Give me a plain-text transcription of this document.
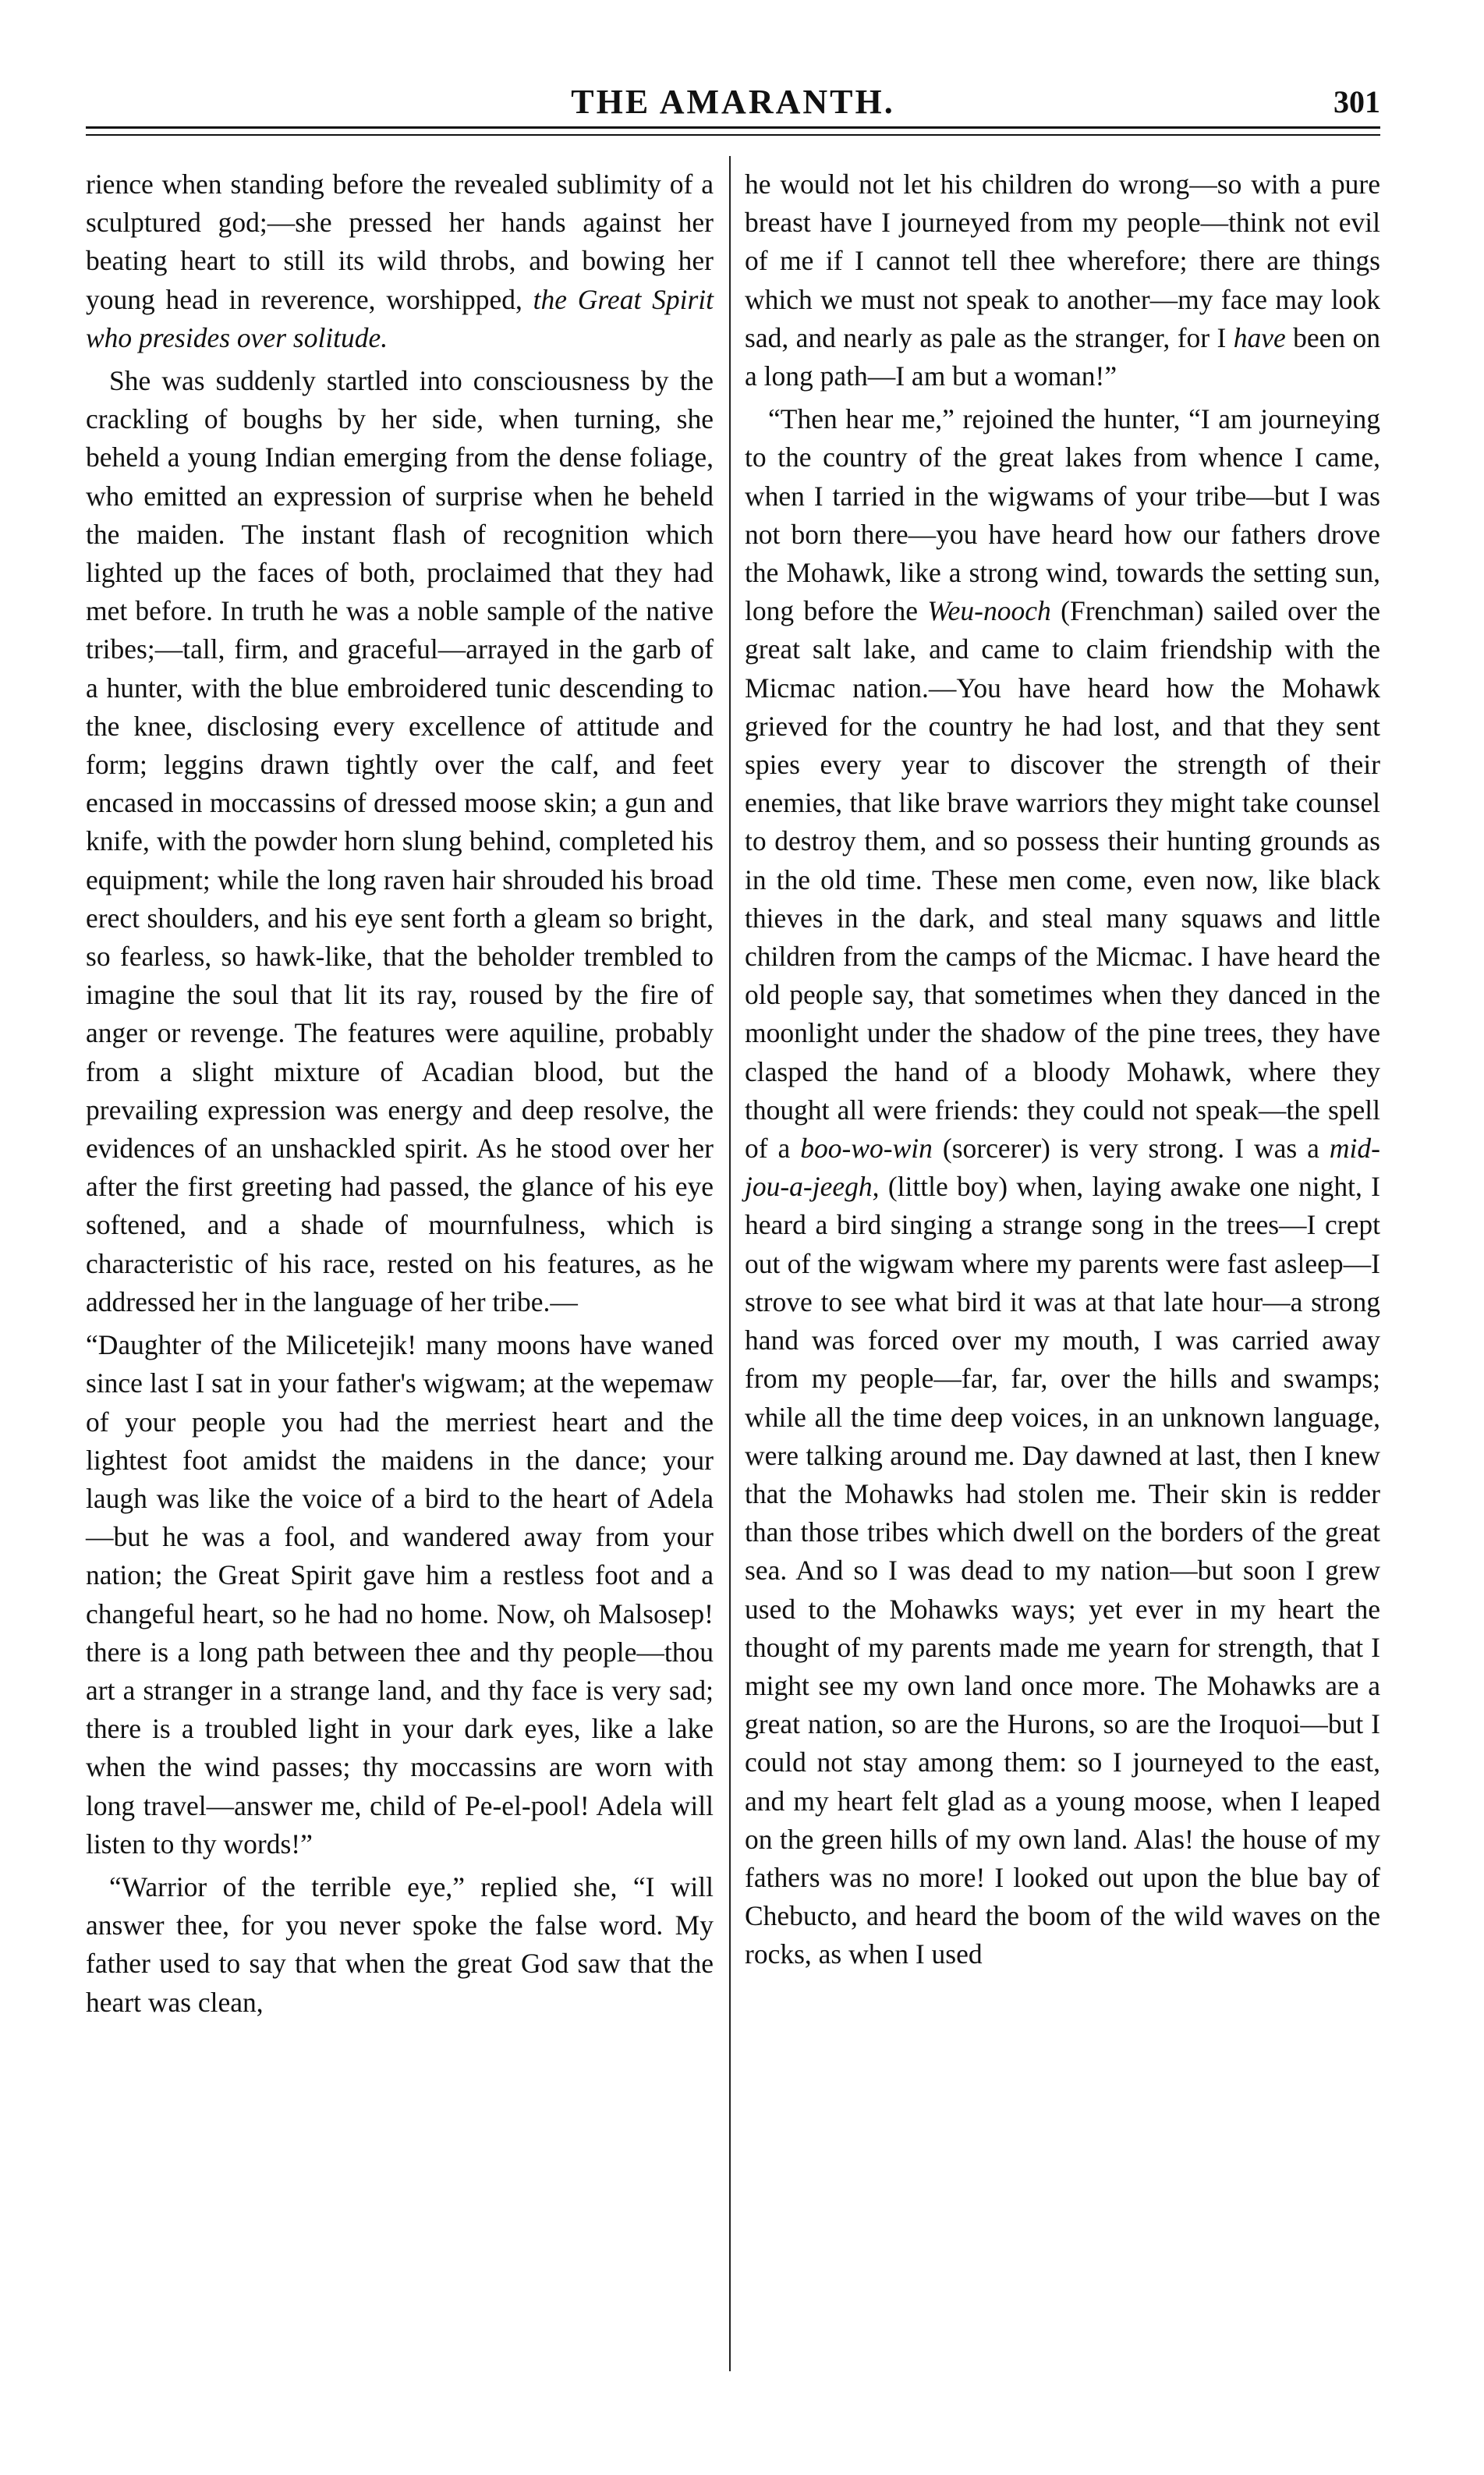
THE AMARANTH.	301

rience when standing before the revealed sublimity of a sculptured god;—she pressed her hands against her beating heart to still its wild throbs, and bowing her young head in reverence, worshipped, the Great Spirit who presides over solitude.

She was suddenly startled into consciousness by the crackling of boughs by her side, when turning, she beheld a young Indian emerging from the dense foliage, who emitted an expression of surprise when he beheld the maiden. The instant flash of recognition which lighted up the faces of both, proclaimed that they had met before. In truth he was a noble sample of the native tribes;—tall, firm, and graceful—arrayed in the garb of a hunter, with the blue embroidered tunic descending to the knee, disclosing every excellence of attitude and form; leggins drawn tightly over the calf, and feet encased in moccassins of dressed moose skin; a gun and knife, with the powder horn slung behind, completed his equipment; while the long raven hair shrouded his broad erect shoulders, and his eye sent forth a gleam so bright, so fearless, so hawk-like, that the beholder trembled to imagine the soul that lit its ray, roused by the fire of anger or revenge. The features were aquiline, probably from a slight mixture of Acadian blood, but the prevailing expression was energy and deep resolve, the evidences of an unshackled spirit. As he stood over her after the first greeting had passed, the glance of his eye softened, and a shade of mournfulness, which is characteristic of his race, rested on his features, as he addressed her in the language of her tribe.—

“Daughter of the Milicetejik! many moons have waned since last I sat in your father's wigwam; at the wepemaw of your people you had the merriest heart and the lightest foot amidst the maidens in the dance; your laugh was like the voice of a bird to the heart of Adela—but he was a fool, and wandered away from your nation; the Great Spirit gave him a restless foot and a changeful heart, so he had no home. Now, oh Malsosep! there is a long path between thee and thy people—thou art a stranger in a strange land, and thy face is very sad; there is a troubled light in your dark eyes, like a lake when the wind passes; thy moccassins are worn with long travel—answer me, child of Pe-el-pool! Adela will listen to thy words!”

“Warrior of the terrible eye,” replied she, “I will answer thee, for you never spoke the false word. My father used to say that when the great God saw that the heart was clean,

he would not let his children do wrong—so with a pure breast have I journeyed from my people—think not evil of me if I cannot tell thee wherefore; there are things which we must not speak to another—my face may look sad, and nearly as pale as the stranger, for I have been on a long path—I am but a woman!”

“Then hear me,” rejoined the hunter, “I am journeying to the country of the great lakes from whence I came, when I tarried in the wigwams of your tribe—but I was not born there—you have heard how our fathers drove the Mohawk, like a strong wind, towards the setting sun, long before the Weu-nooch (Frenchman) sailed over the great salt lake, and came to claim friendship with the Micmac nation.—You have heard how the Mohawk grieved for the country he had lost, and that they sent spies every year to discover the strength of their enemies, that like brave warriors they might take counsel to destroy them, and so possess their hunting grounds as in the old time. These men come, even now, like black thieves in the dark, and steal many squaws and little children from the camps of the Micmac. I have heard the old people say, that sometimes when they danced in the moonlight under the shadow of the pine trees, they have clasped the hand of a bloody Mohawk, where they thought all were friends: they could not speak—the spell of a boo-wo-win (sorcerer) is very strong. I was a mid-jou-a-jeegh, (little boy) when, laying awake one night, I heard a bird singing a strange song in the trees—I crept out of the wigwam where my parents were fast asleep—I strove to see what bird it was at that late hour—a strong hand was forced over my mouth, I was carried away from my people—far, far, over the hills and swamps; while all the time deep voices, in an unknown language, were talking around me. Day dawned at last, then I knew that the Mohawks had stolen me. Their skin is redder than those tribes which dwell on the borders of the great sea. And so I was dead to my nation—but soon I grew used to the Mohawks ways; yet ever in my heart the thought of my parents made me yearn for strength, that I might see my own land once more. The Mohawks are a great nation, so are the Hurons, so are the Iroquoi—but I could not stay among them: so I journeyed to the east, and my heart felt glad as a young moose, when I leaped on the green hills of my own land. Alas! the house of my fathers was no more! I looked out upon the blue bay of Chebucto, and heard the boom of the wild waves on the rocks, as when I used
